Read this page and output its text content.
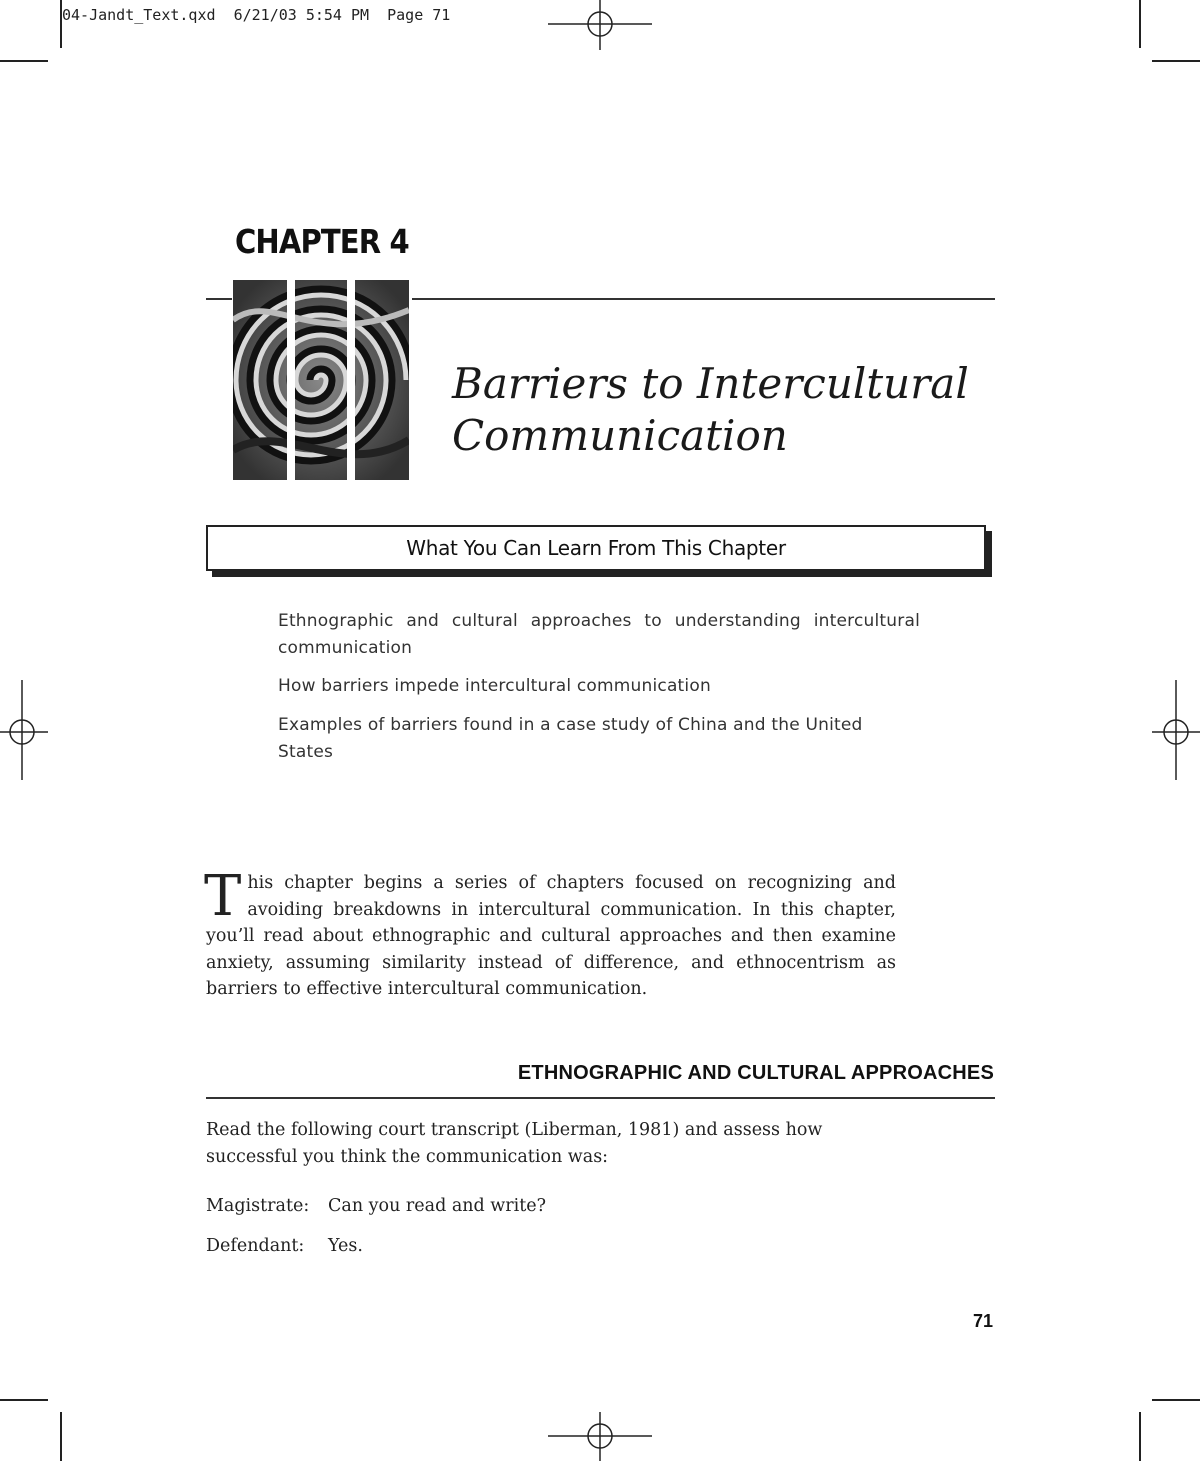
04-Jandt_Text.qxd  6/21/03 5:54 PM  Page 71
CHAPTER 4
Barriers to Intercultural
Communication
What You Can Learn From This Chapter
Ethnographic and cultural approaches to understanding intercultural communication
How barriers impede intercultural communication
Examples of barriers found in a case study of China and the United States
T his chapter begins a series of chapters focused on recognizing and avoiding breakdowns in intercultural communication. In this chapter, you’ll read about ethnographic and cultural approaches and then examine anxiety, assuming similarity instead of difference, and ethnocentrism as barriers to effective intercultural communication.
ETHNOGRAPHIC AND CULTURAL APPROACHES
Read the following court transcript (Liberman, 1981) and assess how successful you think the communication was:
Magistrate: Can you read and write?
Defendant: Yes.
71
